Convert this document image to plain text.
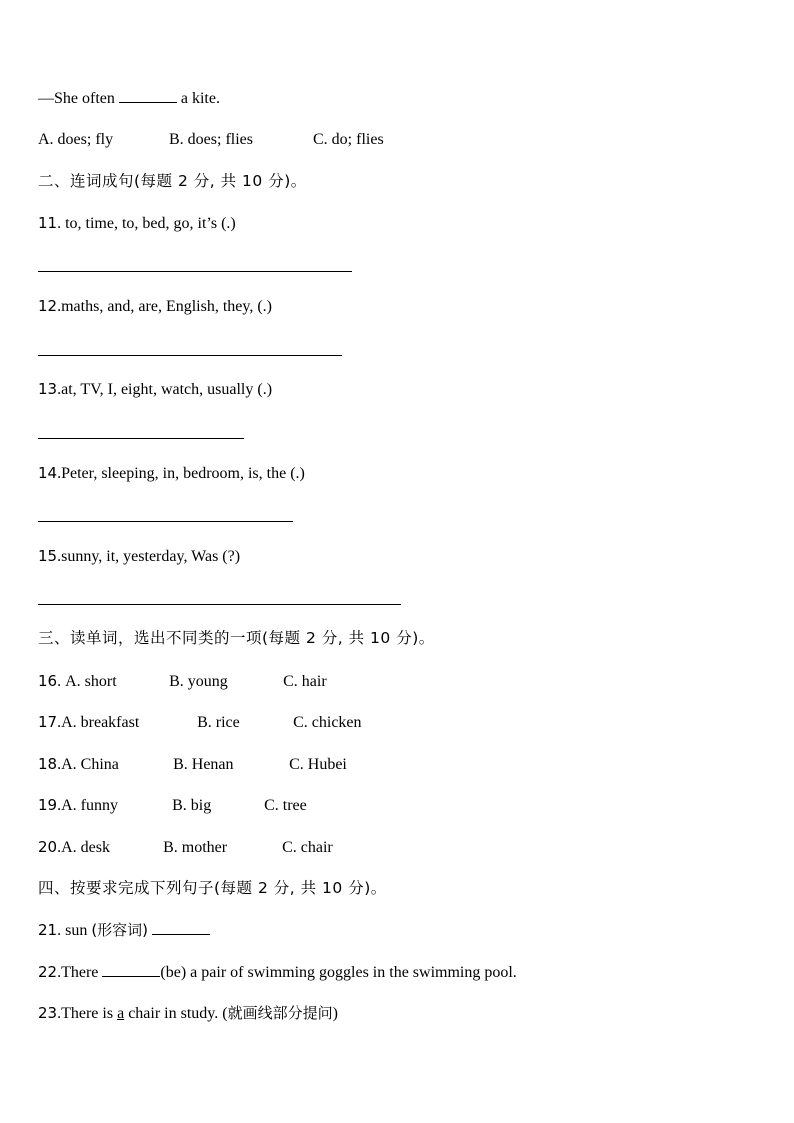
—She often	a kite.
A. does; fly	B. does; flies	C. do; flies
二、连词成句(每题 2 分, 共 10 分)。
11. to, time, to, bed, go, it’s (.)
12.maths, and, are, English, they, (.)
13.at, TV, I, eight, watch, usually (.)
14.Peter, sleeping, in, bedroom, is, the (.)
15.sunny, it, yesterday, Was (?)
三、读单词，选出不同类的一项(每题 2 分, 共 10 分)。
16. A. short	B. young	C. hair
17.A. breakfast	B. rice	C. chicken
18.A. China	B. Henan	C. Hubei
19.A. funny	B. big	C. tree
20.A. desk	B. mother	C. chair
四、按要求完成下列句子(每题 2 分, 共 10 分)。
21. sun (形容词)
22.There	(be) a pair of swimming goggles in the swimming pool.
23.There is a chair in study. (就画线部分提问)
